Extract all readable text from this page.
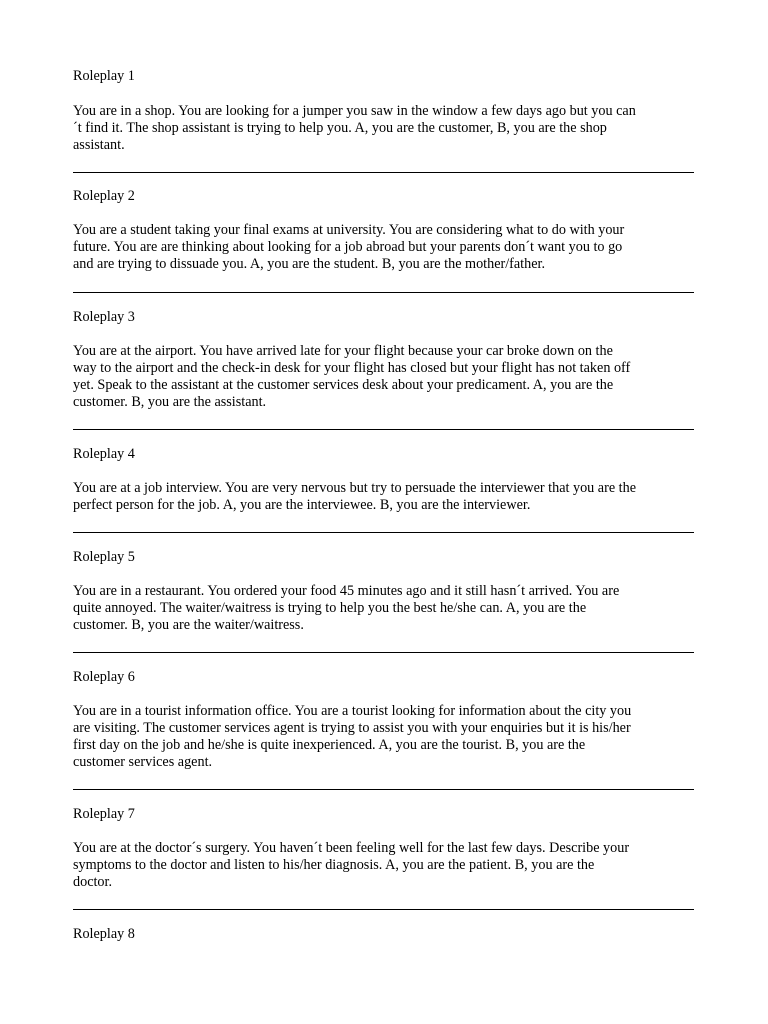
Roleplay 1
You are in a shop. You are looking for a jumper you saw in the window a few days ago but you can
´t find it. The shop assistant is trying to help you. A, you are the customer, B, you are the shop
assistant.
Roleplay 2
You are a student taking your final exams at university. You are considering what to do with your
future. You are are thinking about looking for a job abroad but your parents don´t want you to go
and are trying to dissuade you. A, you are the student. B, you are the mother/father.
Roleplay 3
You are at the airport. You have arrived late for your flight because your car broke down on the
way to the airport and the check-in desk for your flight has closed but your flight has not taken off
yet. Speak to the assistant at the customer services desk about your predicament. A, you are the
customer. B, you are the assistant.
Roleplay 4
You are at a job interview. You are very nervous but try to persuade the interviewer that you are the
perfect person for the job. A, you are the interviewee. B, you are the interviewer.
Roleplay 5
You are in a restaurant. You ordered your food 45 minutes ago and it still hasn´t arrived. You are
quite annoyed. The waiter/waitress is trying to help you the best he/she can. A, you are the
customer. B, you are the waiter/waitress.
Roleplay 6
You are in a tourist information office. You are a tourist looking for information about the city you
are visiting. The customer services agent is trying to assist you with your enquiries but it is his/her
first day on the job and he/she is quite inexperienced. A, you are the tourist. B, you are the
customer services agent.
Roleplay 7
You are at the doctor´s surgery. You haven´t been feeling well for the last few days. Describe your
symptoms to the doctor and listen to his/her diagnosis. A, you are the patient. B, you are the
doctor.
Roleplay 8
